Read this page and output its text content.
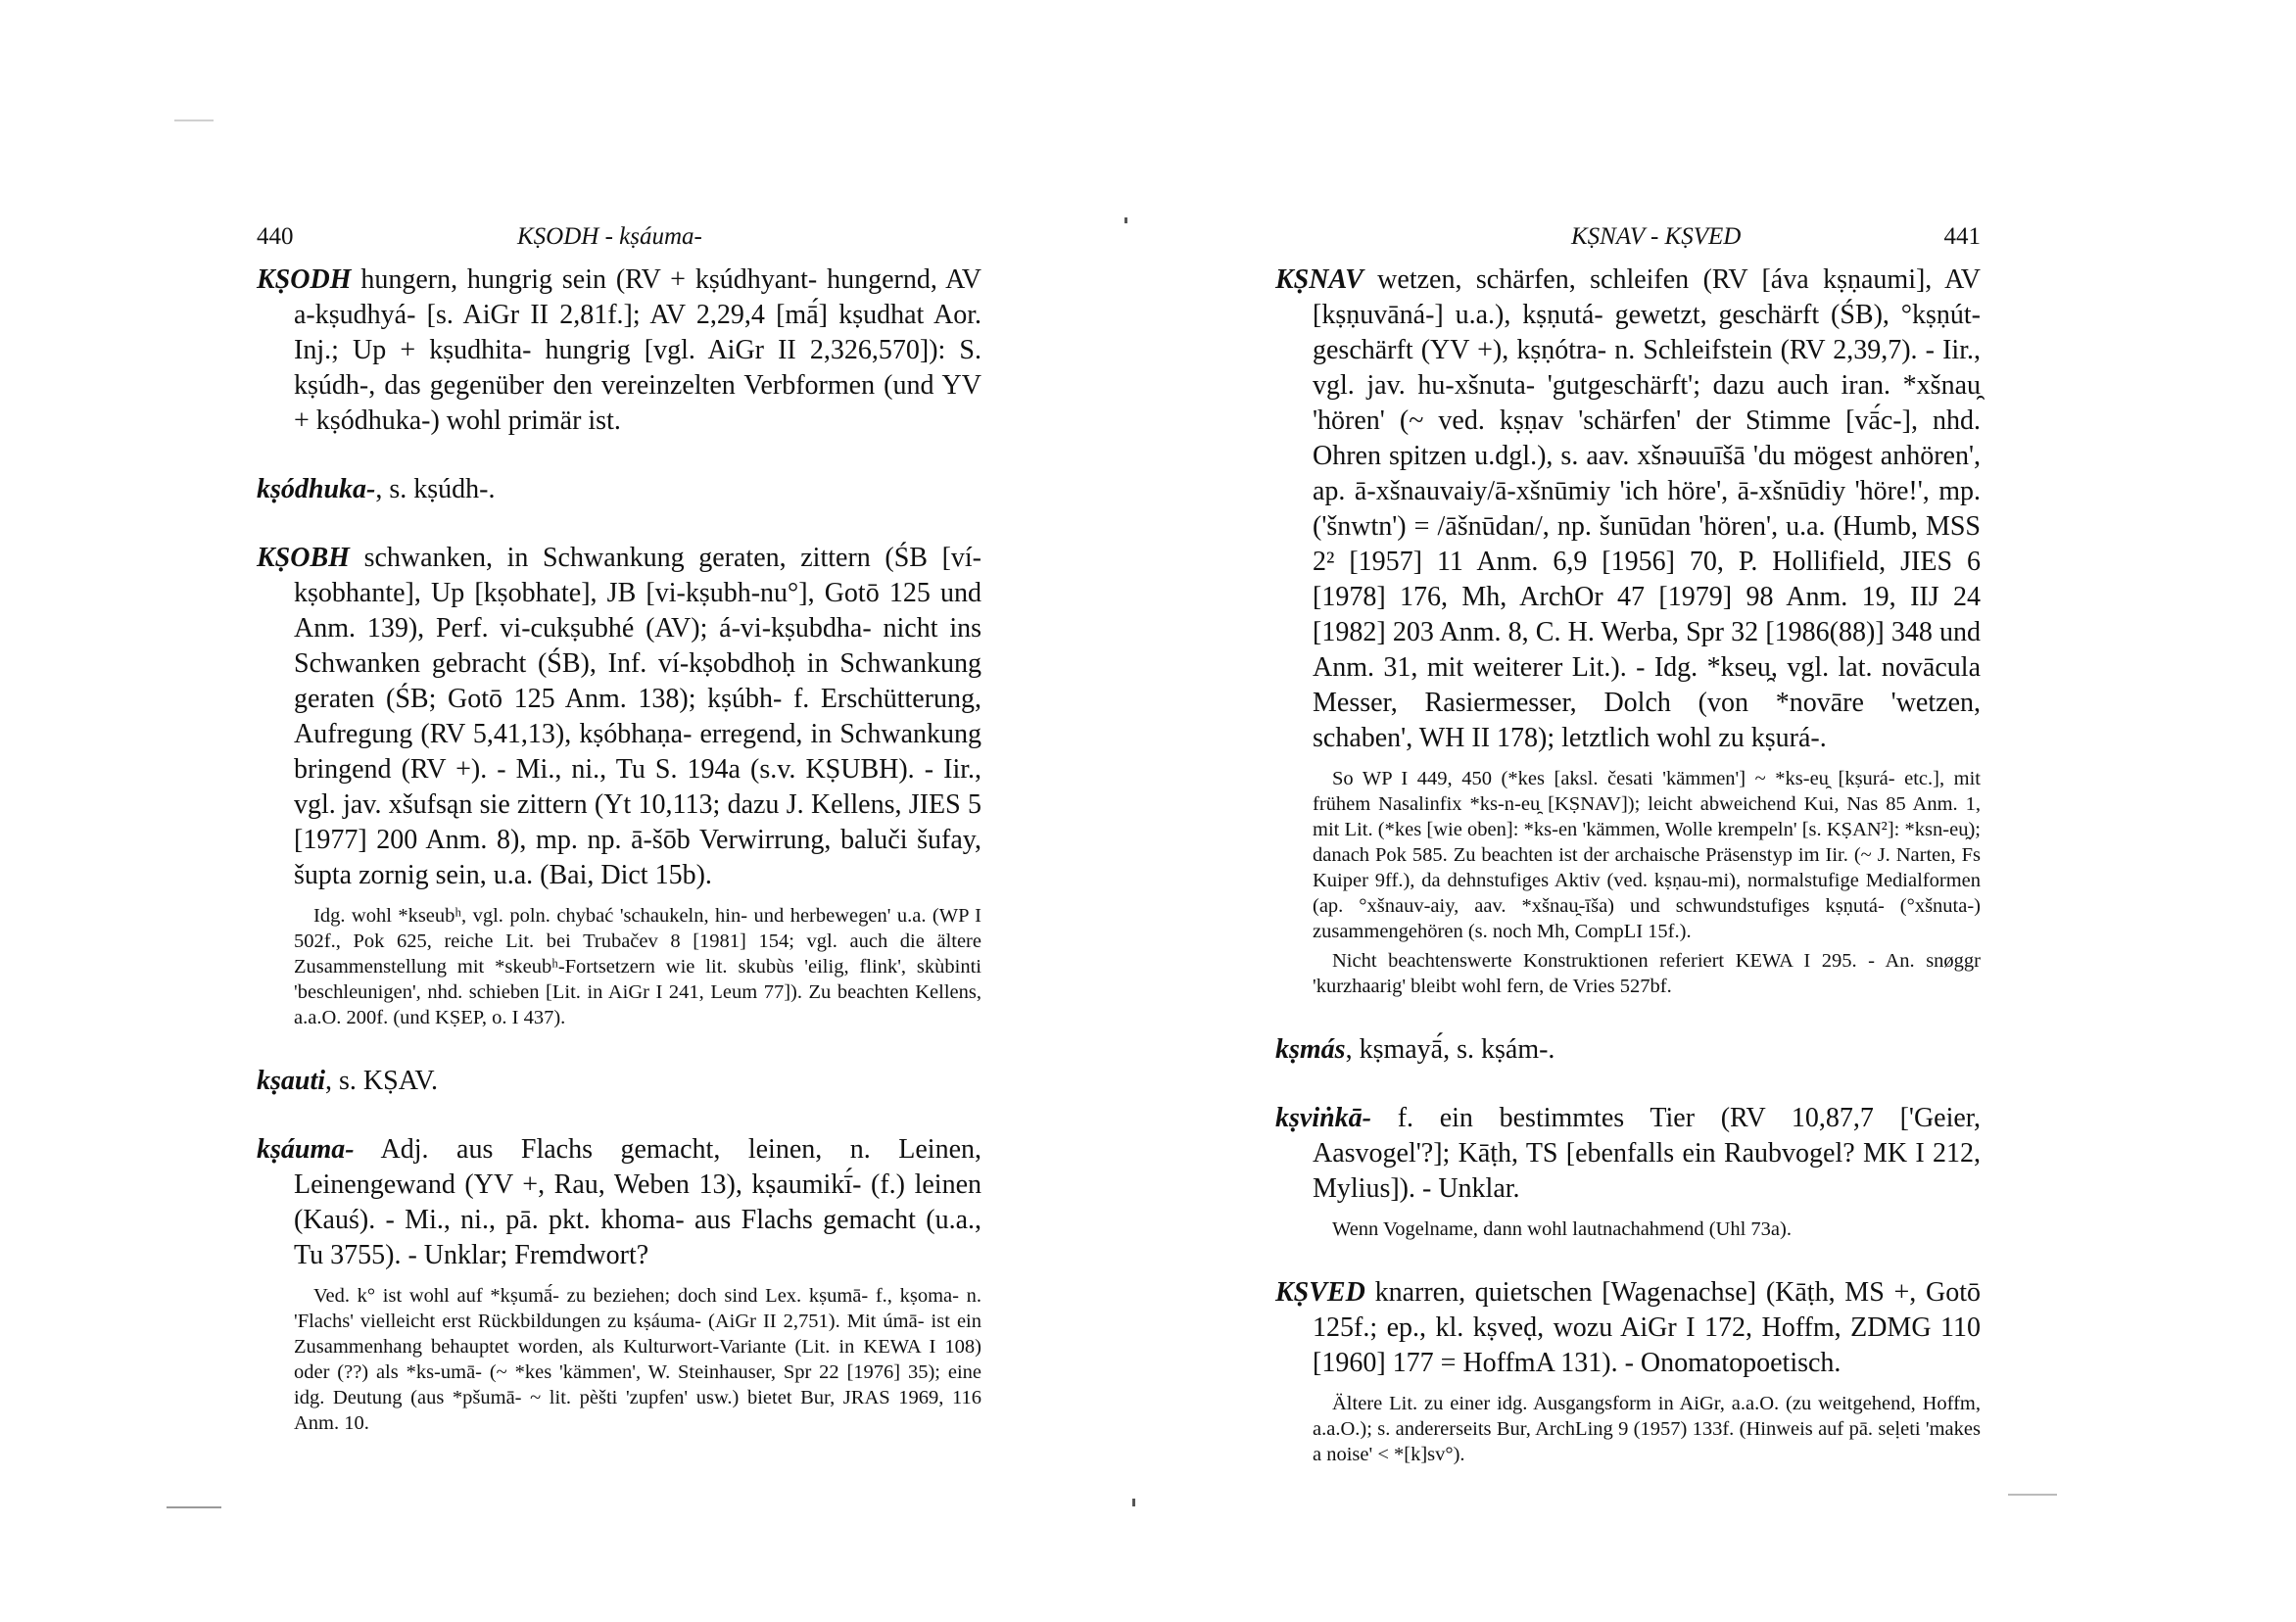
440	KṢODH - kṣáuma-

KṢODH hungern, hungrig sein (RV + kṣúdhyant- hungernd, AV a-kṣudhyá- [s. AiGr II 2,81f.]; AV 2,29,4 [mā́] kṣudhat Aor. Inj.; Up + kṣudhita- hungrig [vgl. AiGr II 2,326,570]): S. kṣúdh-, das gegenüber den vereinzelten Verbformen (und YV + kṣódhuka-) wohl primär ist.

kṣódhuka-, s. kṣúdh-.

KṢOBH schwanken, in Schwankung geraten, zittern (ŚB [ví-kṣobhante], Up [kṣobhate], JB [vi-kṣubh-nu°], Gotō 125 und Anm. 139), Perf. vi-cukṣubhé (AV); á-vi-kṣubdha- nicht ins Schwanken gebracht (ŚB), Inf. ví-kṣobdhoḥ in Schwankung geraten (ŚB; Gotō 125 Anm. 138); kṣúbh- f. Erschütterung, Aufregung (RV 5,41,13), kṣóbhaṇa- erregend, in Schwankung bringend (RV +). - Mi., ni., Tu S. 194a (s.v. KṢUBH). - Iir., vgl. jav. xšufsąn sie zittern (Yt 10,113; dazu J. Kellens, JIES 5 [1977] 200 Anm. 8), mp. np. ā-šōb Verwirrung, baluči šufay, šupta zornig sein, u.a. (Bai, Dict 15b).

Idg. wohl *kseubʰ, vgl. poln. chybać 'schaukeln, hin- und herbewegen' u.a. (WP I 502f., Pok 625, reiche Lit. bei Trubačev 8 [1981] 154; vgl. auch die ältere Zusammenstellung mit *skeubʰ-Fortsetzern wie lit. skubùs 'eilig, flink', skùbinti 'beschleunigen', nhd. schieben [Lit. in AiGr I 241, Leum 77]). Zu beachten Kellens, a.a.O. 200f. (und KṢEP, o. I 437).

kṣauti, s. KṢAV.

kṣáuma- Adj. aus Flachs gemacht, leinen, n. Leinen, Leinengewand (YV +, Rau, Weben 13), kṣaumikī́- (f.) leinen (Kauś). - Mi., ni., pā. pkt. khoma- aus Flachs gemacht (u.a., Tu 3755). - Unklar; Fremdwort?

Ved. k° ist wohl auf *kṣumā́- zu beziehen; doch sind Lex. kṣumā- f., kṣoma- n. 'Flachs' vielleicht erst Rückbildungen zu kṣáuma- (AiGr II 2,751). Mit úmā- ist ein Zusammenhang behauptet worden, als Kulturwort-Variante (Lit. in KEWA I 108) oder (??) als *ks-umā- (~ *kes 'kämmen', W. Steinhauser, Spr 22 [1976] 35); eine idg. Deutung (aus *pšumā- ~ lit. pèšti 'zupfen' usw.) bietet Bur, JRAS 1969, 116 Anm. 10.

KṢNAV - KṢVED	441

KṢNAV wetzen, schärfen, schleifen (RV [áva kṣṇaumi], AV [kṣṇuvāná-] u.a.), kṣṇutá- gewetzt, geschärft (ŚB), °kṣṇút- geschärft (YV +), kṣṇótra- n. Schleifstein (RV 2,39,7). - Iir., vgl. jav. hu-xšnuta- 'gutgeschärft'; dazu auch iran. *xšnau̯ 'hören' (~ ved. kṣṇav 'schärfen' der Stimme [vā́c-], nhd. Ohren spitzen u.dgl.), s. aav. xšnəuuīšā 'du mögest anhören', ap. ā-xšnauvaiy/ā-xšnūmiy 'ich höre', ā-xšnūdiy 'höre!', mp. ('šnwtn') = /āšnūdan/, np. šunūdan 'hören', u.a. (Humb, MSS 2² [1957] 11 Anm. 6,9 [1956] 70, P. Hollifield, JIES 6 [1978] 176, Mh, ArchOr 47 [1979] 98 Anm. 19, IIJ 24 [1982] 203 Anm. 8, C. H. Werba, Spr 32 [1986(88)] 348 und Anm. 31, mit weiterer Lit.). - Idg. *kseu̯, vgl. lat. novācula Messer, Rasiermesser, Dolch (von *novāre 'wetzen, schaben', WH II 178); letztlich wohl zu kṣurá-.

So WP I 449, 450 (*kes [aksl. česati 'kämmen'] ~ *ks-eu̯ [kṣurá- etc.], mit frühem Nasalinfix *ks-n-eu̯ [KṢNAV]); leicht abweichend Kui, Nas 85 Anm. 1, mit Lit. (*kes [wie oben]: *ks-en 'kämmen, Wolle krempeln' [s. KṢAN²]: *ksn-eu̯); danach Pok 585. Zu beachten ist der archaische Präsenstyp im Iir. (~ J. Narten, Fs Kuiper 9ff.), da dehnstufiges Aktiv (ved. kṣṇau-mi), normalstufige Medialformen (ap. °xšnauv-aiy, aav. *xšnau̯-īša) und schwundstufiges kṣṇutá- (°xšnuta-) zusammengehören (s. noch Mh, CompLI 15f.).

Nicht beachtenswerte Konstruktionen referiert KEWA I 295. - An. snøggr 'kurzhaarig' bleibt wohl fern, de Vries 527bf.

kṣmás, kṣmayā́, s. kṣám-.

kṣviṅkā- f. ein bestimmtes Tier (RV 10,87,7 ['Geier, Aasvogel'?]; Kāṭh, TS [ebenfalls ein Raubvogel? MK I 212, Mylius]). - Unklar.

Wenn Vogelname, dann wohl lautnachahmend (Uhl 73a).

KṢVED knarren, quietschen [Wagenachse] (Kāṭh, MS +, Gotō 125f.; ep., kl. kṣveḍ, wozu AiGr I 172, Hoffm, ZDMG 110 [1960] 177 = HoffmA 131). - Onomatopoetisch.

Ältere Lit. zu einer idg. Ausgangsform in AiGr, a.a.O. (zu weitgehend, Hoffm, a.a.O.); s. andererseits Bur, ArchLing 9 (1957) 133f. (Hinweis auf pā. seḷeti 'makes a noise' < *[k]sv°).
